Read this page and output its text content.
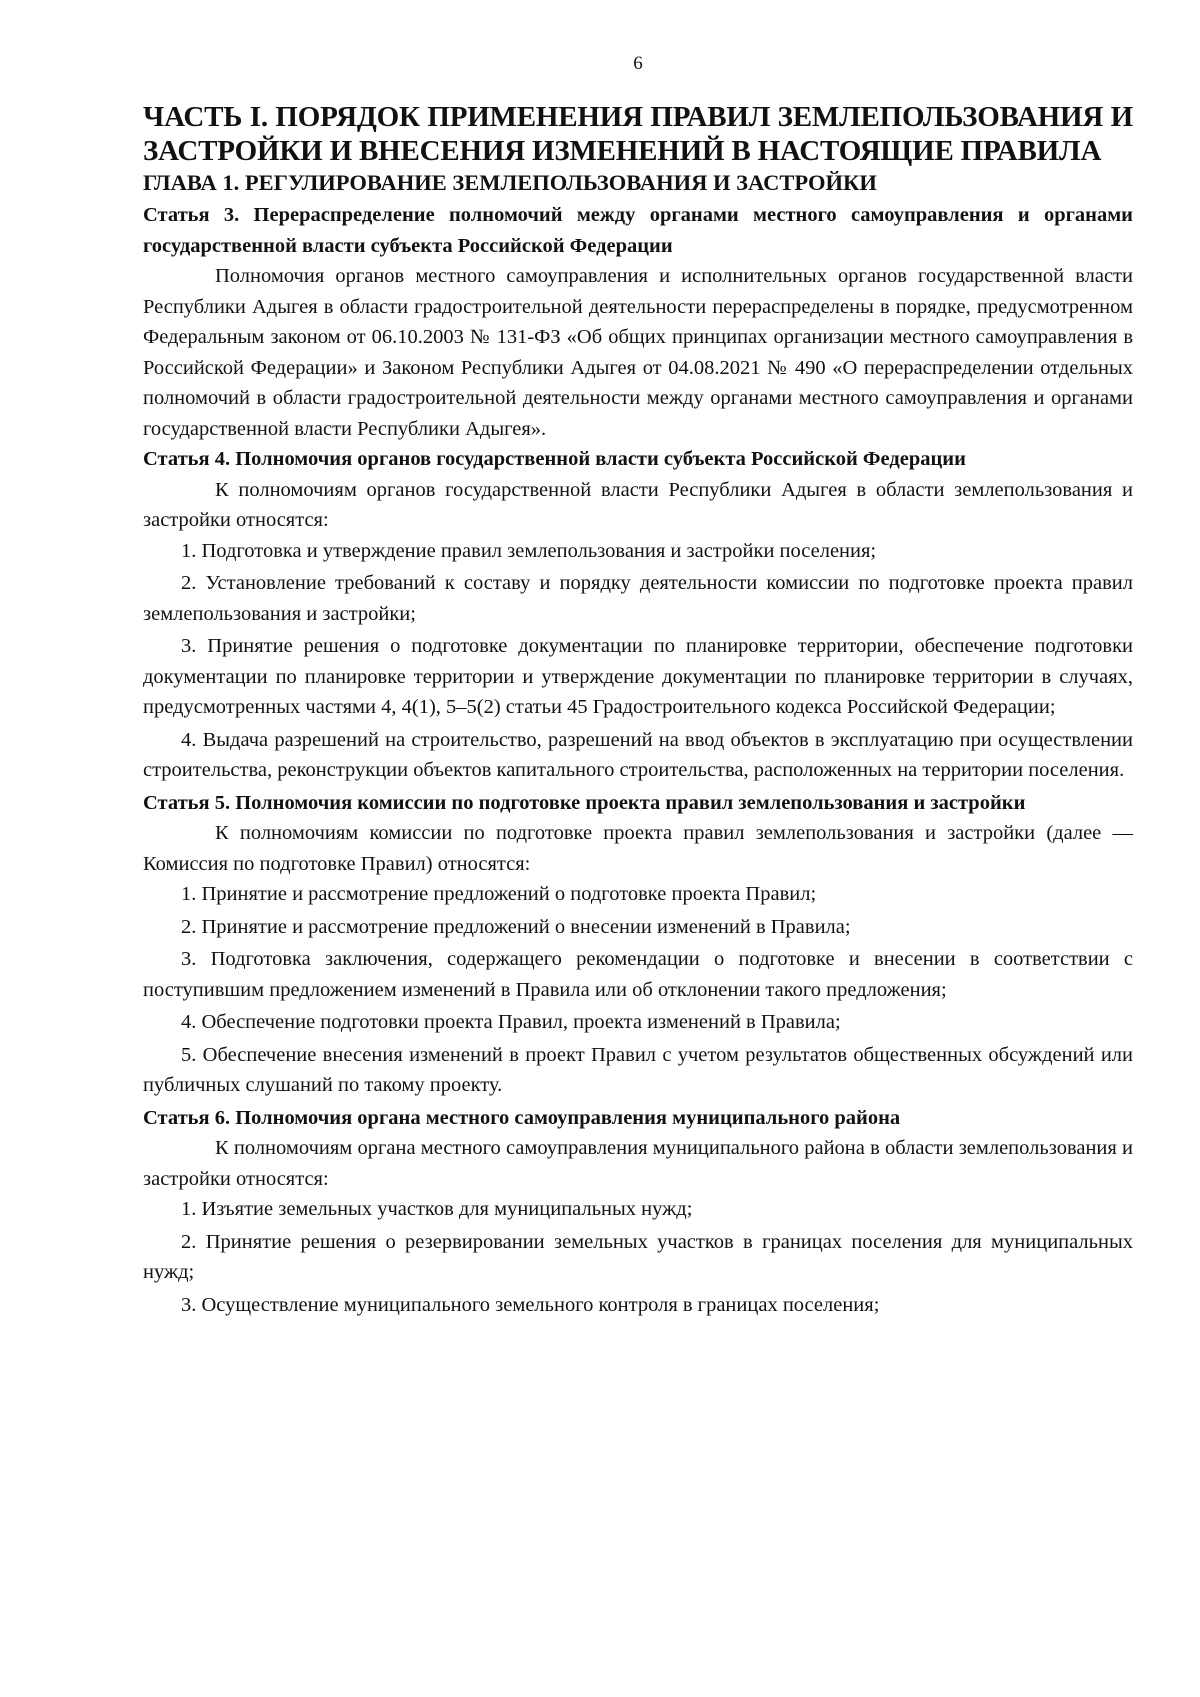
6
ЧАСТЬ I. ПОРЯДОК ПРИМЕНЕНИЯ ПРАВИЛ ЗЕМЛЕПОЛЬЗОВАНИЯ И ЗАСТРОЙКИ И ВНЕСЕНИЯ ИЗМЕНЕНИЙ В НАСТОЯЩИЕ ПРАВИЛА
ГЛАВА 1. РЕГУЛИРОВАНИЕ ЗЕМЛЕПОЛЬЗОВАНИЯ И ЗАСТРОЙКИ
Статья 3. Перераспределение полномочий между органами местного самоуправления и органами государственной власти субъекта Российской Федерации

Полномочия органов местного самоуправления и исполнительных органов государственной власти Республики Адыгея в области градостроительной деятельности перераспределены в порядке, предусмотренном Федеральным законом от 06.10.2003 № 131-ФЗ «Об общих принципах организации местного самоуправления в Российской Федерации» и Законом Республики Адыгея от 04.08.2021 № 490 «О перераспределении отдельных полномочий в области градостроительной деятельности между органами местного самоуправления и органами государственной власти Республики Адыгея».

Статья 4. Полномочия органов государственной власти субъекта Российской Федерации

К полномочиям органов государственной власти Республики Адыгея в области землепользования и застройки относятся:

1. Подготовка и утверждение правил землепользования и застройки поселения;

2. Установление требований к составу и порядку деятельности комиссии по подготовке проекта правил землепользования и застройки;

3. Принятие решения о подготовке документации по планировке территории, обеспечение подготовки документации по планировке территории и утверждение документации по планировке территории в случаях, предусмотренных частями 4, 4(1), 5–5(2) статьи 45 Градостроительного кодекса Российской Федерации;

4. Выдача разрешений на строительство, разрешений на ввод объектов в эксплуатацию при осуществлении строительства, реконструкции объектов капитального строительства, расположенных на территории поселения.

Статья 5. Полномочия комиссии по подготовке проекта правил землепользования и застройки

К полномочиям комиссии по подготовке проекта правил землепользования и застройки (далее — Комиссия по подготовке Правил) относятся:

1. Принятие и рассмотрение предложений о подготовке проекта Правил;

2. Принятие и рассмотрение предложений о внесении изменений в Правила;

3. Подготовка заключения, содержащего рекомендации о подготовке и внесении в соответствии с поступившим предложением изменений в Правила или об отклонении такого предложения;

4. Обеспечение подготовки проекта Правил, проекта изменений в Правила;

5. Обеспечение внесения изменений в проект Правил с учетом результатов общественных обсуждений или публичных слушаний по такому проекту.

Статья 6. Полномочия органа местного самоуправления муниципального района

К полномочиям органа местного самоуправления муниципального района в области землепользования и застройки относятся:

1. Изъятие земельных участков для муниципальных нужд;

2. Принятие решения о резервировании земельных участков в границах поселения для муниципальных нужд;

3. Осуществление муниципального земельного контроля в границах поселения;
